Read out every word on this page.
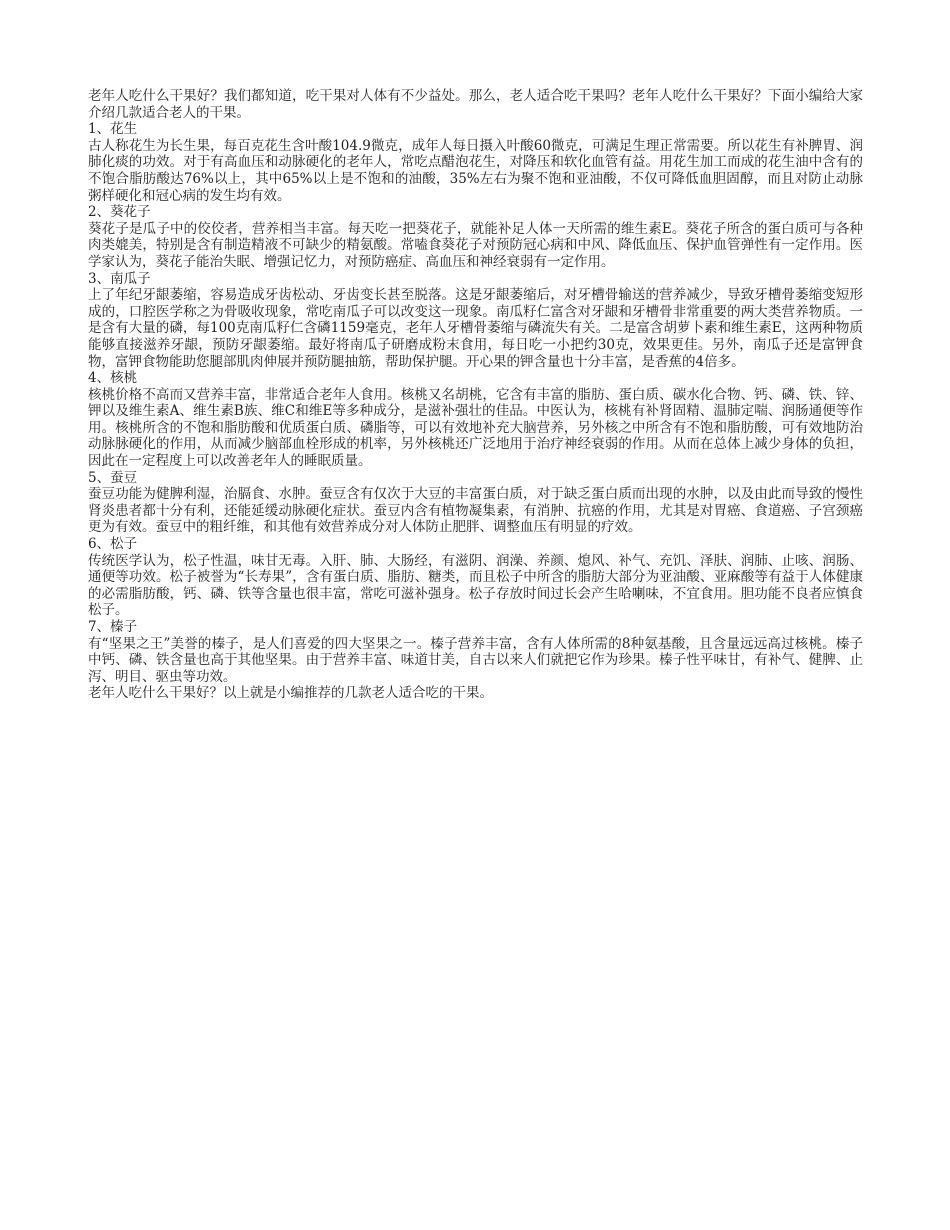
老年人吃什么干果好？我们都知道，吃干果对人体有不少益处。那么，老人适合吃干果吗？老年人吃什么干果好？下面小编给大家介绍几款适合老人的干果。

1、花生

古人称花生为长生果，每百克花生含叶酸104.9微克，成年人每日摄入叶酸60微克，可满足生理正常需要。所以花生有补脾胃、润肺化痰的功效。对于有高血压和动脉硬化的老年人，常吃点醋泡花生，对降压和软化血管有益。用花生加工而成的花生油中含有的不饱合脂肪酸达76%以上，其中65%以上是不饱和的油酸，35%左右为聚不饱和亚油酸，不仅可降低血胆固醇，而且对防止动脉粥样硬化和冠心病的发生均有效。

2、葵花子

葵花子是瓜子中的佼佼者，营养相当丰富。每天吃一把葵花子，就能补足人体一天所需的维生素E。葵花子所含的蛋白质可与各种肉类媲美，特别是含有制造精液不可缺少的精氨酸。常嗑食葵花子对预防冠心病和中风、降低血压、保护血管弹性有一定作用。医学家认为，葵花子能治失眠、增强记忆力，对预防癌症、高血压和神经衰弱有一定作用。

3、南瓜子

上了年纪牙龈萎缩，容易造成牙齿松动、牙齿变长甚至脱落。这是牙龈萎缩后，对牙槽骨输送的营养减少，导致牙槽骨萎缩变短形成的，口腔医学称之为骨吸收现象，常吃南瓜子可以改变这一现象。南瓜籽仁富含对牙龈和牙槽骨非常重要的两大类营养物质。一是含有大量的磷，每100克南瓜籽仁含磷1159毫克，老年人牙槽骨萎缩与磷流失有关。二是富含胡萝卜素和维生素E，这两种物质能够直接滋养牙龈，预防牙龈萎缩。最好将南瓜子研磨成粉末食用，每日吃一小把约30克，效果更佳。另外，南瓜子还是富钾食物，富钾食物能助您腿部肌肉伸展并预防腿抽筋，帮助保护腿。开心果的钾含量也十分丰富，是香蕉的4倍多。

4、核桃

核桃价格不高而又营养丰富，非常适合老年人食用。核桃又名胡桃，它含有丰富的脂肪、蛋白质、碳水化合物、钙、磷、铁、锌、钾以及维生素A、维生素B族、维C和维E等多种成分，是滋补强壮的佳品。中医认为，核桃有补肾固精、温肺定喘、润肠通便等作用。核桃所含的不饱和脂肪酸和优质蛋白质、磷脂等，可以有效地补充大脑营养，另外核之中所含有不饱和脂肪酸，可有效地防治动脉脉硬化的作用，从而减少脑部血栓形成的机率，另外核桃还广泛地用于治疗神经衰弱的作用。从而在总体上减少身体的负担，因此在一定程度上可以改善老年人的睡眠质量。

5、蚕豆

蚕豆功能为健脾利湿，治膈食、水肿。蚕豆含有仅次于大豆的丰富蛋白质，对于缺乏蛋白质而出现的水肿，以及由此而导致的慢性肾炎患者都十分有利，还能延缓动脉硬化症状。蚕豆内含有植物凝集素，有消肿、抗癌的作用，尤其是对胃癌、食道癌、子宫颈癌更为有效。蚕豆中的粗纤维，和其他有效营养成分对人体防止肥胖、调整血压有明显的疗效。

6、松子

传统医学认为，松子性温，味甘无毒。入肝、肺、大肠经，有滋阴、润澡、养颜、熄风、补气、充饥、泽肤、润肺、止咳、润肠、通便等功效。松子被誉为“长寿果”，含有蛋白质、脂肪、糖类，而且松子中所含的脂肪大部分为亚油酸、亚麻酸等有益于人体健康的必需脂肪酸，钙、磷、铁等含量也很丰富，常吃可滋补强身。松子存放时间过长会产生哈喇味，不宜食用。胆功能不良者应慎食松子。

7、榛子

有“坚果之王”美誉的榛子，是人们喜爱的四大坚果之一。榛子营养丰富，含有人体所需的8种氨基酸，且含量远远高过核桃。榛子中钙、磷、铁含量也高于其他坚果。由于营养丰富、味道甘美，自古以来人们就把它作为珍果。榛子性平味甘，有补气、健脾、止泻、明目、驱虫等功效。

老年人吃什么干果好？以上就是小编推荐的几款老人适合吃的干果。
